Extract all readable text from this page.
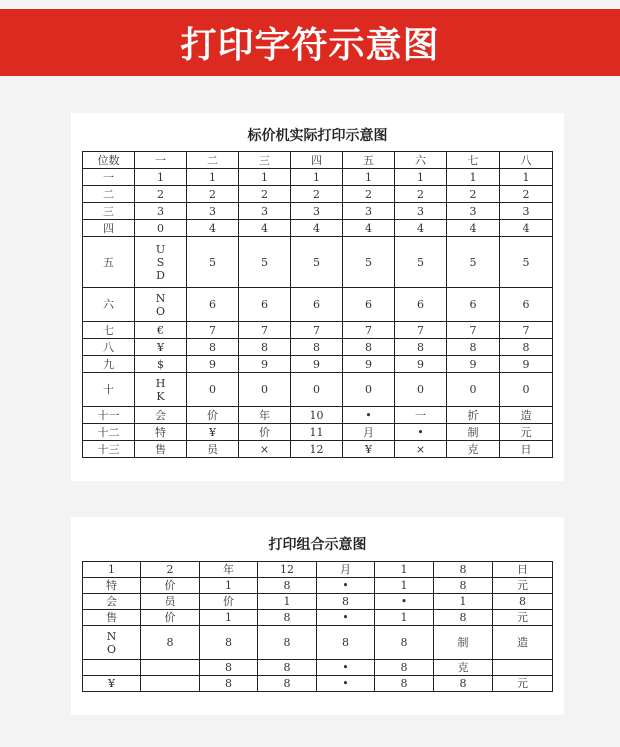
打印字符示意图
标价机实际打印示意图
位数	一	二	三	四	五	六	七	八
一	1	1	1	1	1	1	1	1
二	2	2	2	2	2	2	2	2
三	3	3	3	3	3	3	3	3
四	0	4	4	4	4	4	4	4
五	U
S
D	5	5	5	5	5	5	5
六	N
O	6	6	6	6	6	6	6
七	€	7	7	7	7	7	7	7
八	¥	8	8	8	8	8	8	8
九	$	9	9	9	9	9	9	9
十	H
K	0	0	0	0	0	0	0
十一	会	价	年	10	•	一	折	造
十二	特	¥	价	11	月	•	制	元
十三	售	员	×	12	¥	×	克	日
打印组合示意图
1	2	年	12	月	1	8	日
特	价	1	8	•	1	8	元
会	员	价	1	8	•	1	8
售	价	1	8	•	1	8	元

N
O	8	8	8	8	8	制	造
		8	8	•	8	克	
¥		8	8	•	8	8	元
